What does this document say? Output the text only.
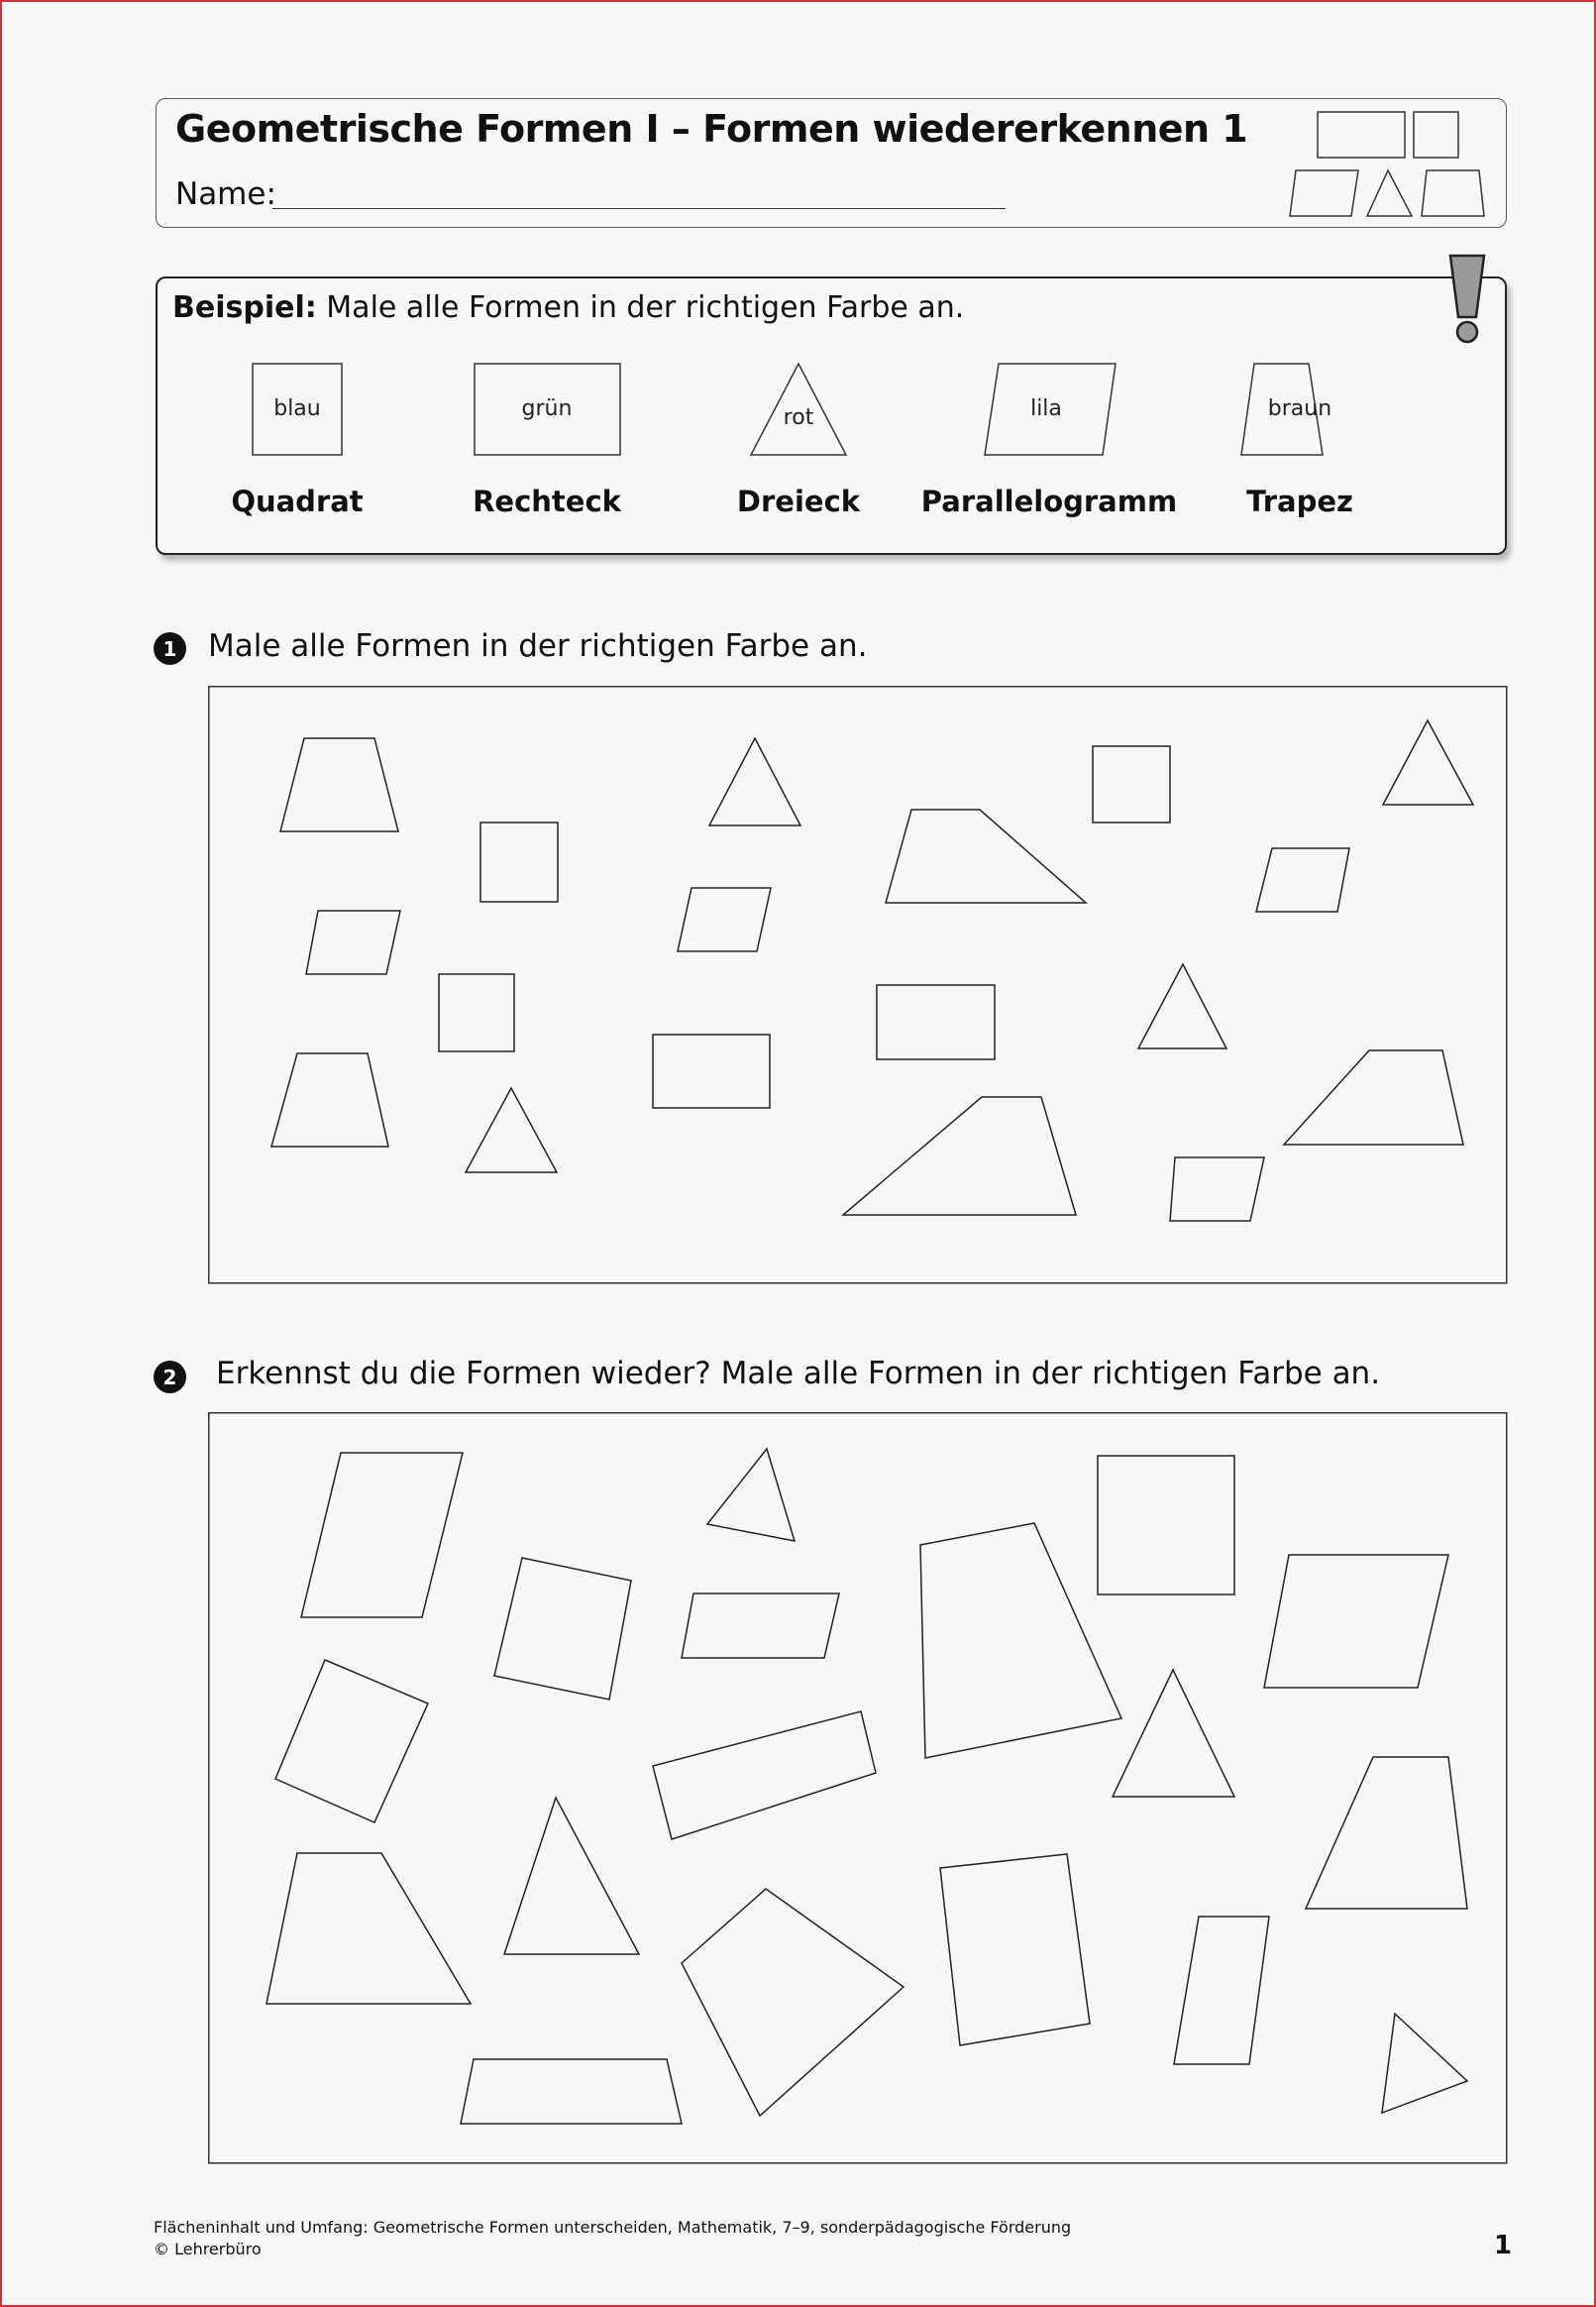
Geometrische Formen I – Formen wiedererkennen 1
Name:
Beispiel: Male alle Formen in der richtigen Farbe an.
blau	grün	rot	lila	braun
Quadrat	Rechteck	Dreieck Parallelogramm Trapez
1	Male alle Formen in der richtigen Farbe an.
2	Erkennst du die Formen wieder? Male alle Formen in der richtigen Farbe an.
Flächeninhalt und Umfang: Geometrische Formen unterscheiden, Mathematik, 7–9, sonderpädagogische Förderung
© Lehrerbüro	1
